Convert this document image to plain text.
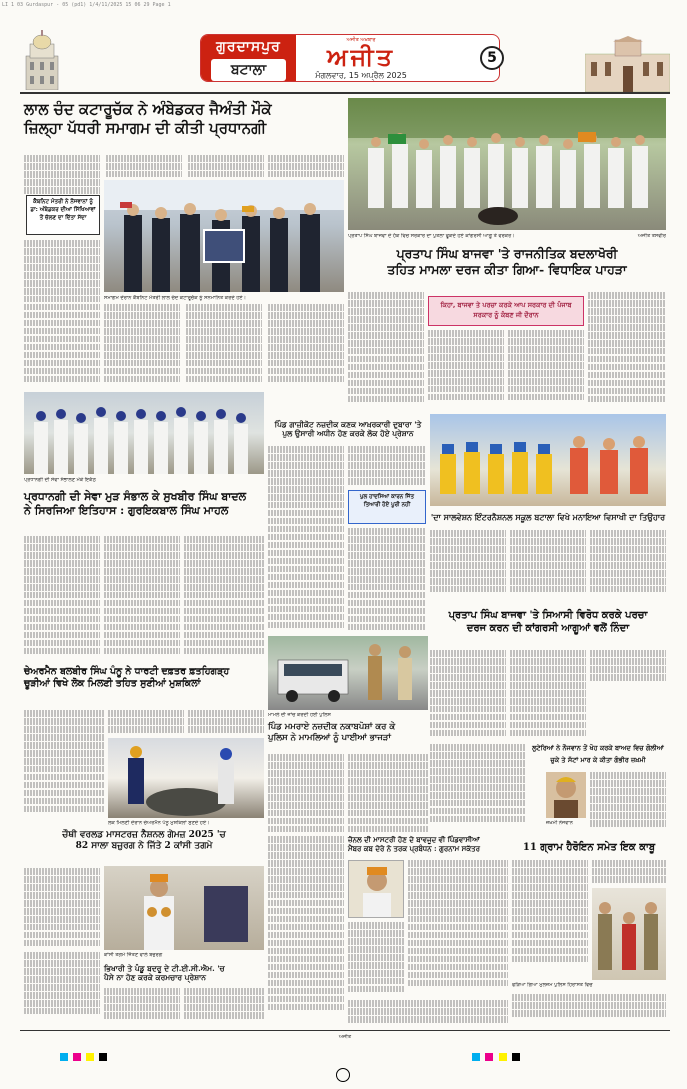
LI 1 03 Gurdaspur - 05 (pd1) 1/4/11/2025 15 06 29 Page 1
ਗੁਰਦਾਸਪੁਰ
ਬਟਾਲਾ
ਅਜੀਤ ਅਖ਼ਬਾਰ
ਅਜੀਤ
ਮੰਗਲਵਾਰ, 15 ਅਪ੍ਰੈਲ 2025
5
ਲਾਲ ਚੰਦ ਕਟਾਰੂਚੱਕ ਨੇ ਅੰਬੇਡਕਰ ਜੈਅੰਤੀ ਮੌਕੇ
ਜ਼ਿਲ੍ਹਾ ਪੱਧਰੀ ਸਮਾਗਮ ਦੀ ਕੀਤੀ ਪ੍ਰਧਾਨਗੀ
ਕੈਬਨਿਟ ਮੰਤਰੀ ਨੇ ਨੌਜਵਾਨਾਂ ਨੂੰ ਡਾ: ਅੰਬੇਡਕਰ ਦੀਆਂ ਸਿੱਖਿਆਵਾਂ ਤੋਂ ਚੱਲਣ ਦਾ ਦਿੱਤਾ ਸੱਦਾ
ਸਮਾਗਮ ਦੌਰਾਨ ਕੈਬਨਿਟ ਮੰਤਰੀ ਲਾਲ ਚੰਦ ਕਟਾਰੂਚੱਕ ਨੂੰ ਸਨਮਾਨਿਤ ਕਰਦੇ ਹੋਏ।
ਪ੍ਰਤਾਪ ਸਿੰਘ ਬਾਜਵਾ ਦੇ ਹੱਕ ਵਿਚ ਸਰਕਾਰ ਦਾ ਪੁਤਲਾ ਫੂਕਦੇ ਹੋਏ ਕਾਂਗਰਸੀ ਆਗੂ ਤੇ ਵਰਕਰ।	ਅਜੀਤ ਤਸਵੀਰ
ਪ੍ਰਤਾਪ ਸਿੰਘ ਬਾਜਵਾ 'ਤੇ ਰਾਜਨੀਤਿਕ ਬਦਲਾਖੋਰੀ
ਤਹਿਤ ਮਾਮਲਾ ਦਰਜ ਕੀਤਾ ਗਿਆ- ਵਿਧਾਇਕ ਪਾਹੜਾ
ਕਿਹਾ, ਬਾਜਵਾ ਤੇ ਪਰਚਾ ਕਰਕੇ ਆਪ ਸਰਕਾਰ ਦੀ ਪੰਜਾਬ ਸਰਕਾਰ ਨੂੰ ਕੰਬਣ ਜੀ ਦੌਰਾਨ
ਪ੍ਰਧਾਨਗੀ ਦੀ ਸੇਵਾ ਸੰਭਾਲਣ ਮੌਕੇ ਇਕੱਠ
ਪ੍ਰਧਾਨਗੀ ਦੀ ਸੇਵਾ ਮੁੜ ਸੰਭਾਲ ਕੇ ਸੁਖਬੀਰ ਸਿੰਘ ਬਾਦਲ
ਨੇ ਸਿਰਜਿਆ ਇਤਿਹਾਸ : ਗੁਰਇਕਬਾਲ ਸਿੰਘ ਮਾਹਲ
ਪਿੰਡ ਗਾਜ਼ੀਕੋਟ ਨਜ਼ਦੀਕ ਕਣਕ ਆਖ਼ਰਕਾਰੀ ਦੁਬਾਰਾ 'ਤੇ
ਪੁਲ ਉਸਾਰੀ ਅਧੀਨ ਹੋਣ ਕਰਕੇ ਲੋਕ ਹੋਏ ਪ੍ਰੇਸ਼ਾਨ
ਪੁਲ ਹਾਦਸਿਆਂ ਕਾਰਨ ਜਿੱਤ ਤਿਆਰੀ ਹੋਏ ਪੂਰੀ ਨਹੀਂ
'ਦਾ ਸਾਲਵੇਸ਼ਨ ਇੰਟਰਨੈਸ਼ਨਲ ਸਕੂਲ ਬਟਾਲਾ ਵਿਖੇ ਮਨਾਇਆ ਵਿਸਾਖੀ ਦਾ ਤਿਉਹਾਰ
ਪ੍ਰਤਾਪ ਸਿੰਘ ਬਾਜਵਾ 'ਤੇ ਸਿਆਸੀ ਵਿਰੋਧ ਕਰਕੇ ਪਰਚਾ
ਦਰਜ ਕਰਨ ਦੀ ਕਾਂਗਰਸੀ ਆਗੂਆਂ ਵਲੋਂ ਨਿੰਦਾ
ਚੇਅਰਮੈਨ ਬਲਬੀਰ ਸਿੰਘ ਪੰਨੂ ਨੇ ਧਾਰਟੀ ਦਫ਼ਤਰ ਫ਼ਤਹਿਗੜ੍ਹ
ਚੂੜੀਆਂ ਵਿਖੇ ਲੋਕ ਮਿਲਣੀ ਤਹਿਤ ਸੁਣੀਆਂ ਮੁਸ਼ਕਿਲਾਂ
ਲੋਕ ਮਿਲਣੀ ਦੌਰਾਨ ਚੇਅਰਮੈਨ ਪੰਨੂ ਮੁਸ਼ਕਿਲਾਂ ਸੁਣਦੇ ਹੋਏ।
ਮਾਮਲੇ ਦੀ ਜਾਂਚ ਕਰਦੀ ਹੋਈ ਪੁਲਿਸ
ਪਿੰਡ ਮਮਰਾਏ ਨਜ਼ਦੀਕ ਨਕਾਬਪੋਸ਼ਾਂ ਕਰ ਕੇ
ਪੁਲਿਸ ਨੇ ਮਾਮਲਿਆਂ ਨੂੰ ਪਾਈਆਂ ਭਾਜੜਾਂ
ਲੁਟੇਰਿਆਂ ਨੇ ਨੌਜਵਾਨ ਤੋਂ ਖੋਹ ਕਰਕੇ ਬਾਅਦ ਵਿਚ ਗੋਲੀਆਂ
ਚੁਕੇ ਤੇ ਸੱਟਾਂ ਮਾਰ ਕੇ ਕੀਤਾ ਗੰਭੀਰ ਜ਼ਖ਼ਮੀ
ਜ਼ਖ਼ਮੀ ਨੌਜਵਾਨ
ਜ਼ੋਨਲ ਦੀ ਮਾਸਟਰੀ ਹੋਣ ਦੇ ਬਾਵਜੂਦ ਵੀ ਪਿੰਡਵਾਸੀਆਂ
ਮੈਂਬਰ ਕਬ ਦੇਰੇ ਨੇ ਤਰਕ ਪ੍ਰਬੰਧਨ : ਗੁਰਨਾਮ ਸਕੱਤਰ	11 ਗ੍ਰਾਮ ਹੈਰੋਇਨ ਸਮੇਤ ਇਕ ਕਾਬੂ
ਫੜਿਆ ਗਿਆ ਮੁਲਜ਼ਮ ਪੁਲਿਸ ਹਿਰਾਸਤ ਵਿਚ
ਚੌਥੀ ਵਰਲਡ ਮਾਸਟਰਜ਼ ਨੈਸ਼ਨਲ ਗੇਮਜ਼ 2025 'ਚ
82 ਸਾਲਾ ਬਜ਼ੁਰਗ ਨੇ ਜਿੱਤੇ 2 ਕਾਂਸੀ ਤਗਮੇ
ਕਾਂਸੀ ਤਗਮੇ ਜਿੱਤਣ ਵਾਲੇ ਬਜ਼ੁਰਗ
ਭਿਖਾਰੀ ਤੇ ਪੰਡੂ ਬਦਰੂ ਦੇ ਟੀ.ਈ.ਸੀ.ਐਮ. 'ਚ
ਪੈਸੇ ਨਾ ਹੋਣ ਕਰਕੇ ਕਰਮਚਾਰ ਪ੍ਰੇਸ਼ਾਨ
ਅਜੀਤ
